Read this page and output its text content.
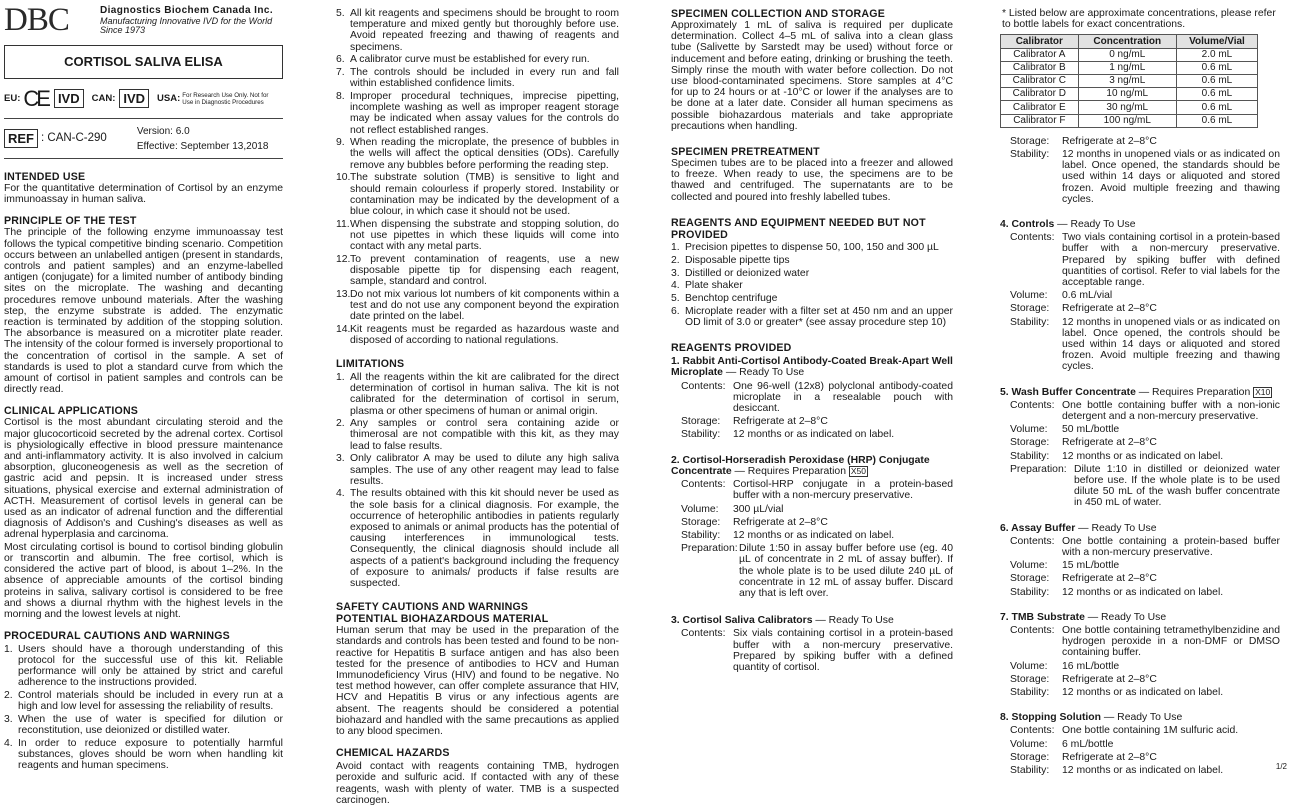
DBC	Diagnostics Biochem Canada Inc.
Manufacturing Innovative IVD for the World
Since 1973
CORTISOL SALIVA ELISA
EU: CE IVD	CAN: IVD	USA: For Research Use Only. Not for
Use in Diagnostic Procedures
REF : CAN-C-290
Version: 6.0
Effective: September 13,2018
INTENDED USE

For the quantitative determination of Cortisol by an enzyme immunoassay in human saliva.

PRINCIPLE OF THE TEST

The principle of the following enzyme immunoassay test follows the typical competitive binding scenario. Competition occurs between an unlabelled antigen (present in standards, controls and patient samples) and an enzyme-labelled antigen (conjugate) for a limited number of antibody binding sites on the microplate. The washing and decanting procedures remove unbound materials. After the washing step, the enzyme substrate is added. The enzymatic reaction is terminated by addition of the stopping solution. The absorbance is measured on a microtiter plate reader. The intensity of the colour formed is inversely proportional to the concentration of cortisol in the sample. A set of standards is used to plot a standard curve from which the amount of cortisol in patient samples and controls can be directly read.

CLINICAL APPLICATIONS

Cortisol is the most abundant circulating steroid and the major glucocorticoid secreted by the adrenal cortex. Cortisol is physiologically effective in blood pressure maintenance and anti-inflammatory activity. It is also involved in calcium absorption, gluconeogenesis as well as the secretion of gastric acid and pepsin. It is increased under stress situations, physical exercise and external administration of ACTH. Measurement of cortisol levels in general can be used as an indicator of adrenal function and the differential diagnosis of Addison's and Cushing's diseases as well as adrenal hyperplasia and carcinoma.

Most circulating cortisol is bound to cortisol binding globulin or transcortin and albumin. The free cortisol, which is considered the active part of blood, is about 1–2%. In the absence of appreciable amounts of the cortisol binding proteins in saliva, salivary cortisol is considered to be free and shows a diurnal rhythm with the highest levels in the morning and the lowest levels at night.

PROCEDURAL CAUTIONS AND WARNINGS
1. Users should have a thorough understanding of this protocol for the successful use of this kit. Reliable performance will only be attained by strict and careful adherence to the instructions provided.
2. Control materials should be included in every run at a high and low level for assessing the reliability of results.
3. When the use of water is specified for dilution or reconstitution, use deionized or distilled water.
4. In order to reduce exposure to potentially harmful substances, gloves should be worn when handling kit reagents and human specimens.
5. All kit reagents and specimens should be brought to room temperature and mixed gently but thoroughly before use. Avoid repeated freezing and thawing of reagents and specimens.
6. A calibrator curve must be established for every run.
7. The controls should be included in every run and fall within established confidence limits.
8. Improper procedural techniques, imprecise pipetting, incomplete washing as well as improper reagent storage may be indicated when assay values for the controls do not reflect established ranges.
9. When reading the microplate, the presence of bubbles in the wells will affect the optical densities (ODs). Carefully remove any bubbles before performing the reading step.
10. The substrate solution (TMB) is sensitive to light and should remain colourless if properly stored. Instability or contamination may be indicated by the development of a blue colour, in which case it should not be used.
11. When dispensing the substrate and stopping solution, do not use pipettes in which these liquids will come into contact with any metal parts.
12. To prevent contamination of reagents, use a new disposable pipette tip for dispensing each reagent, sample, standard and control.
13. Do not mix various lot numbers of kit components within a test and do not use any component beyond the expiration date printed on the label.
14. Kit reagents must be regarded as hazardous waste and disposed of according to national regulations.
LIMITATIONS
1. All the reagents within the kit are calibrated for the direct determination of cortisol in human saliva. The kit is not calibrated for the determination of cortisol in serum, plasma or other specimens of human or animal origin.
2. Any samples or control sera containing azide or thimerosal are not compatible with this kit, as they may lead to false results.
3. Only calibrator A may be used to dilute any high saliva samples. The use of any other reagent may lead to false results.
4. The results obtained with this kit should never be used as the sole basis for a clinical diagnosis. For example, the occurrence of heterophilic antibodies in patients regularly exposed to animals or animal products has the potential of causing interferences in immunological tests. Consequently, the clinical diagnosis should include all aspects of a patient's background including the frequency of exposure to animals/ products if false results are suspected.
SAFETY CAUTIONS AND WARNINGS
POTENTIAL BIOHAZARDOUS MATERIAL

Human serum that may be used in the preparation of the standards and controls has been tested and found to be non-reactive for Hepatitis B surface antigen and has also been tested for the presence of antibodies to HCV and Human Immunodeficiency Virus (HIV) and found to be negative. No test method however, can offer complete assurance that HIV, HCV and Hepatitis B virus or any infectious agents are absent. The reagents should be considered a potential biohazard and handled with the same precautions as applied to any blood specimen.

CHEMICAL HAZARDS

Avoid contact with reagents containing TMB, hydrogen peroxide and sulfuric acid. If contacted with any of these reagents, wash with plenty of water. TMB is a suspected carcinogen.

SPECIMEN COLLECTION AND STORAGE

Approximately 1 mL of saliva is required per duplicate determination. Collect 4–5 mL of saliva into a clean glass tube (Salivette by Sarstedt may be used) without force or inducement and before eating, drinking or brushing the teeth. Simply rinse the mouth with water before collection. Do not use blood-contaminated specimens. Store samples at 4°C for up to 24 hours or at -10°C or lower if the analyses are to be done at a later date. Consider all human specimens as possible biohazardous materials and take appropriate precautions when handling.

SPECIMEN PRETREATMENT

Specimen tubes are to be placed into a freezer and allowed to freeze. When ready to use, the specimens are to be thawed and centrifuged. The supernatants are to be collected and poured into freshly labelled tubes.

REAGENTS AND EQUIPMENT NEEDED BUT NOT PROVIDED
1. Precision pipettes to dispense 50, 100, 150 and 300 µL
2. Disposable pipette tips
3. Distilled or deionized water
4. Plate shaker
5. Benchtop centrifuge
6. Microplate reader with a filter set at 450 nm and an upper OD limit of 3.0 or greater* (see assay procedure step 10)
REAGENTS PROVIDED
1. Rabbit Anti-Cortisol Antibody-Coated Break-Apart Well Microplate — Ready To Use
Contents: One 96-well (12x8) polyclonal antibody-coated microplate in a resealable pouch with desiccant.
Storage:	Refrigerate at 2–8°C
Stability:	12 months or as indicated on label.
2. Cortisol-Horseradish Peroxidase (HRP) Conjugate Concentrate — Requires Preparation X50
Contents: Cortisol-HRP conjugate in a protein-based buffer with a non-mercury preservative.
Volume:	300 µL/vial
Storage:	Refrigerate at 2–8°C
Stability:	12 months or as indicated on label.
Preparation: Dilute 1:50 in assay buffer before use (eg. 40 µL of concentrate in 2 mL of assay buffer). If the whole plate is to be used dilute 240 µL of concentrate in 12 mL of assay buffer. Discard any that is left over.
3. Cortisol Saliva Calibrators — Ready To Use
Contents: Six vials containing cortisol in a protein-based buffer with a non-mercury preservative. Prepared by spiking buffer with a defined quantity of cortisol.

* Listed below are approximate concentrations, please refer to bottle labels for exact concentrations.

Calibrator	Concentration	Volume/Vial
Calibrator A	0 ng/mL	2.0 mL
Calibrator B	1 ng/mL	0.6 mL
Calibrator C	3 ng/mL	0.6 mL
Calibrator D	10 ng/mL	0.6 mL
Calibrator E	30 ng/mL	0.6 mL
Calibrator F	100 ng/mL	0.6 mL
Storage:	Refrigerate at 2–8°C
Stability:	12 months in unopened vials or as indicated on label. Once opened, the standards should be used within 14 days or aliquoted and stored frozen. Avoid multiple freezing and thawing cycles.
4. Controls — Ready To Use
Contents: Two vials containing cortisol in a protein-based buffer with a non-mercury preservative. Prepared by spiking buffer with defined quantities of cortisol. Refer to vial labels for the acceptable range.
Volume:	0.6 mL/vial
Storage:	Refrigerate at 2–8°C
Stability:	12 months in unopened vials or as indicated on label. Once opened, the controls should be used within 14 days or aliquoted and stored frozen. Avoid multiple freezing and thawing cycles.
5. Wash Buffer Concentrate — Requires Preparation X10
Contents: One bottle containing buffer with a non-ionic detergent and a non-mercury preservative.
Volume:	50 mL/bottle
Storage:	Refrigerate at 2–8°C
Stability:	12 months or as indicated on label.
Preparation: Dilute 1:10 in distilled or deionized water before use. If the whole plate is to be used dilute 50 mL of the wash buffer concentrate in 450 mL of water.
6. Assay Buffer — Ready To Use
Contents: One bottle containing a protein-based buffer with a non-mercury preservative.
Volume:	15 mL/bottle
Storage:	Refrigerate at 2–8°C
Stability:	12 months or as indicated on label.
7. TMB Substrate — Ready To Use
Contents: One bottle containing tetramethylbenzidine and hydrogen peroxide in a non-DMF or DMSO containing buffer.
Volume:	16 mL/bottle
Storage:	Refrigerate at 2–8°C
Stability:	12 months or as indicated on label.
8. Stopping Solution — Ready To Use
Contents: One bottle containing 1M sulfuric acid.
Volume:	6 mL/bottle
Storage:	Refrigerate at 2–8°C
Stability:	12 months or as indicated on label.	1/2
